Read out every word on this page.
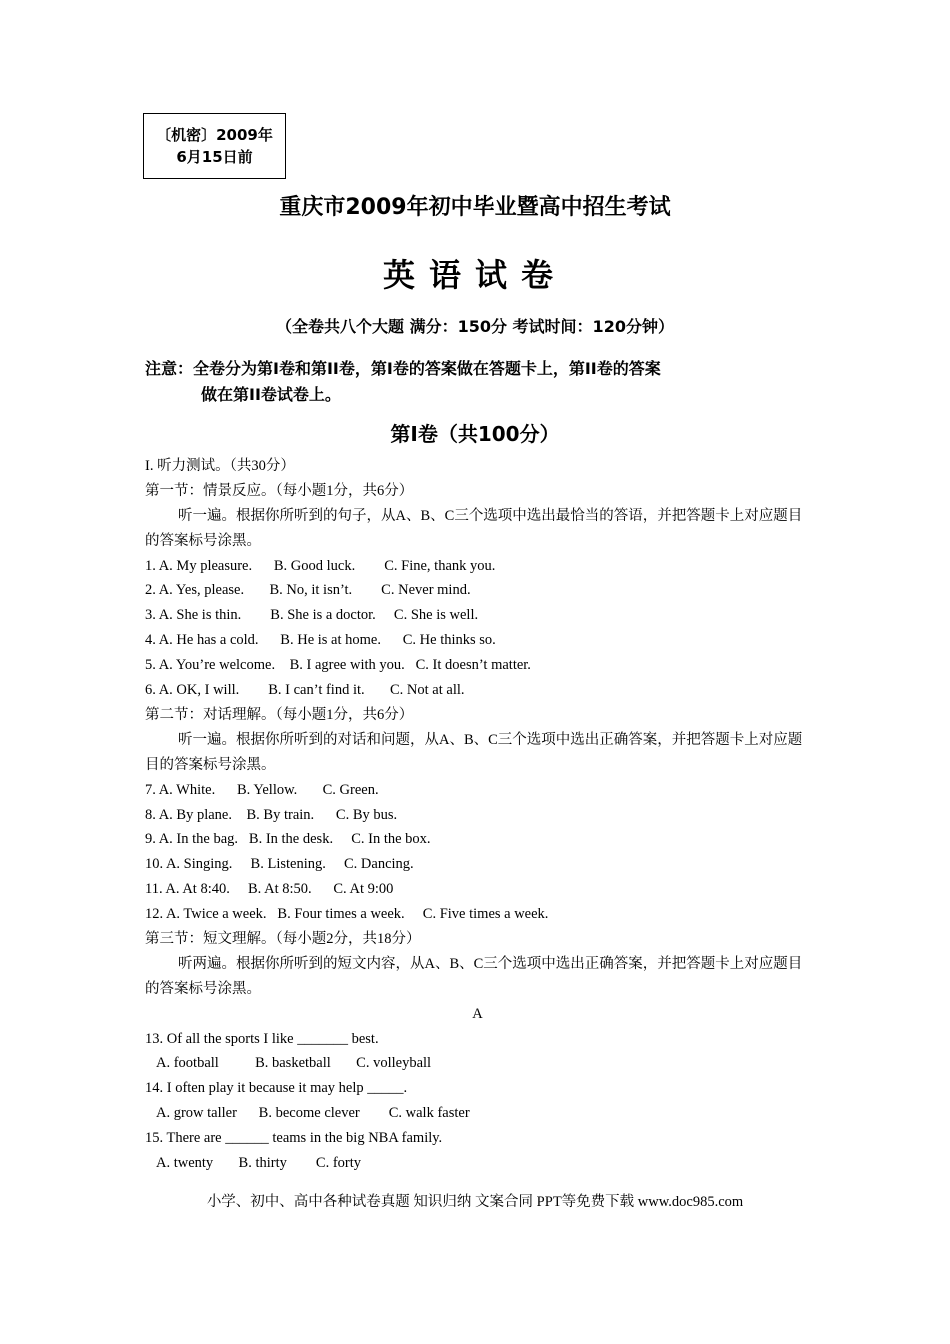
〔机密〕2009年
6月15日前
重庆市2009年初中毕业暨高中招生考试
英语试卷
（全卷共八个大题 满分：150分 考试时间：120分钟）
注意：全卷分为第I卷和第II卷，第I卷的答案做在答题卡上，第II卷的答案
做在第II卷试卷上。
第Ⅰ卷（共100分）
I. 听力测试。（共30分）
第一节：情景反应。（每小题1分，共6分）
听一遍。根据你所听到的句子，从A、B、C三个选项中选出最恰当的答语，并把答题卡上对应题目的答案标号涂黑。
1. A. My pleasure.      B. Good luck.        C. Fine, thank you.
2. A. Yes, please.       B. No, it isn’t.        C. Never mind.
3. A. She is thin.        B. She is a doctor.     C. She is well.
4. A. He has a cold.      B. He is at home.      C. He thinks so.
5. A. You’re welcome.    B. I agree with you.   C. It doesn’t matter.
6. A. OK, I will.        B. I can’t find it.       C. Not at all.
第二节：对话理解。（每小题1分，共6分）
听一遍。根据你所听到的对话和问题，从A、B、C三个选项中选出正确答案，并把答题卡上对应题目的答案标号涂黑。
7. A. White.      B. Yellow.       C. Green.
8. A. By plane.    B. By train.      C. By bus.
9. A. In the bag.   B. In the desk.     C. In the box.
10. A. Singing.     B. Listening.     C. Dancing.
11. A. At 8:40.     B. At 8:50.      C. At 9:00
12. A. Twice a week.   B. Four times a week.     C. Five times a week.
第三节：短文理解。（每小题2分，共18分）
听两遍。根据你所听到的短文内容，从A、B、C三个选项中选出正确答案，并把答题卡上对应题目的答案标号涂黑。
A
13. Of all the sports I like _______ best.
A. football          B. basketball       C. volleyball
14. I often play it because it may help _____.
A. grow taller      B. become clever        C. walk faster
15. There are ______ teams in the big NBA family.
A. twenty       B. thirty        C. forty
小学、初中、高中各种试卷真题 知识归纳 文案合同 PPT等免费下载 www.doc985.com
